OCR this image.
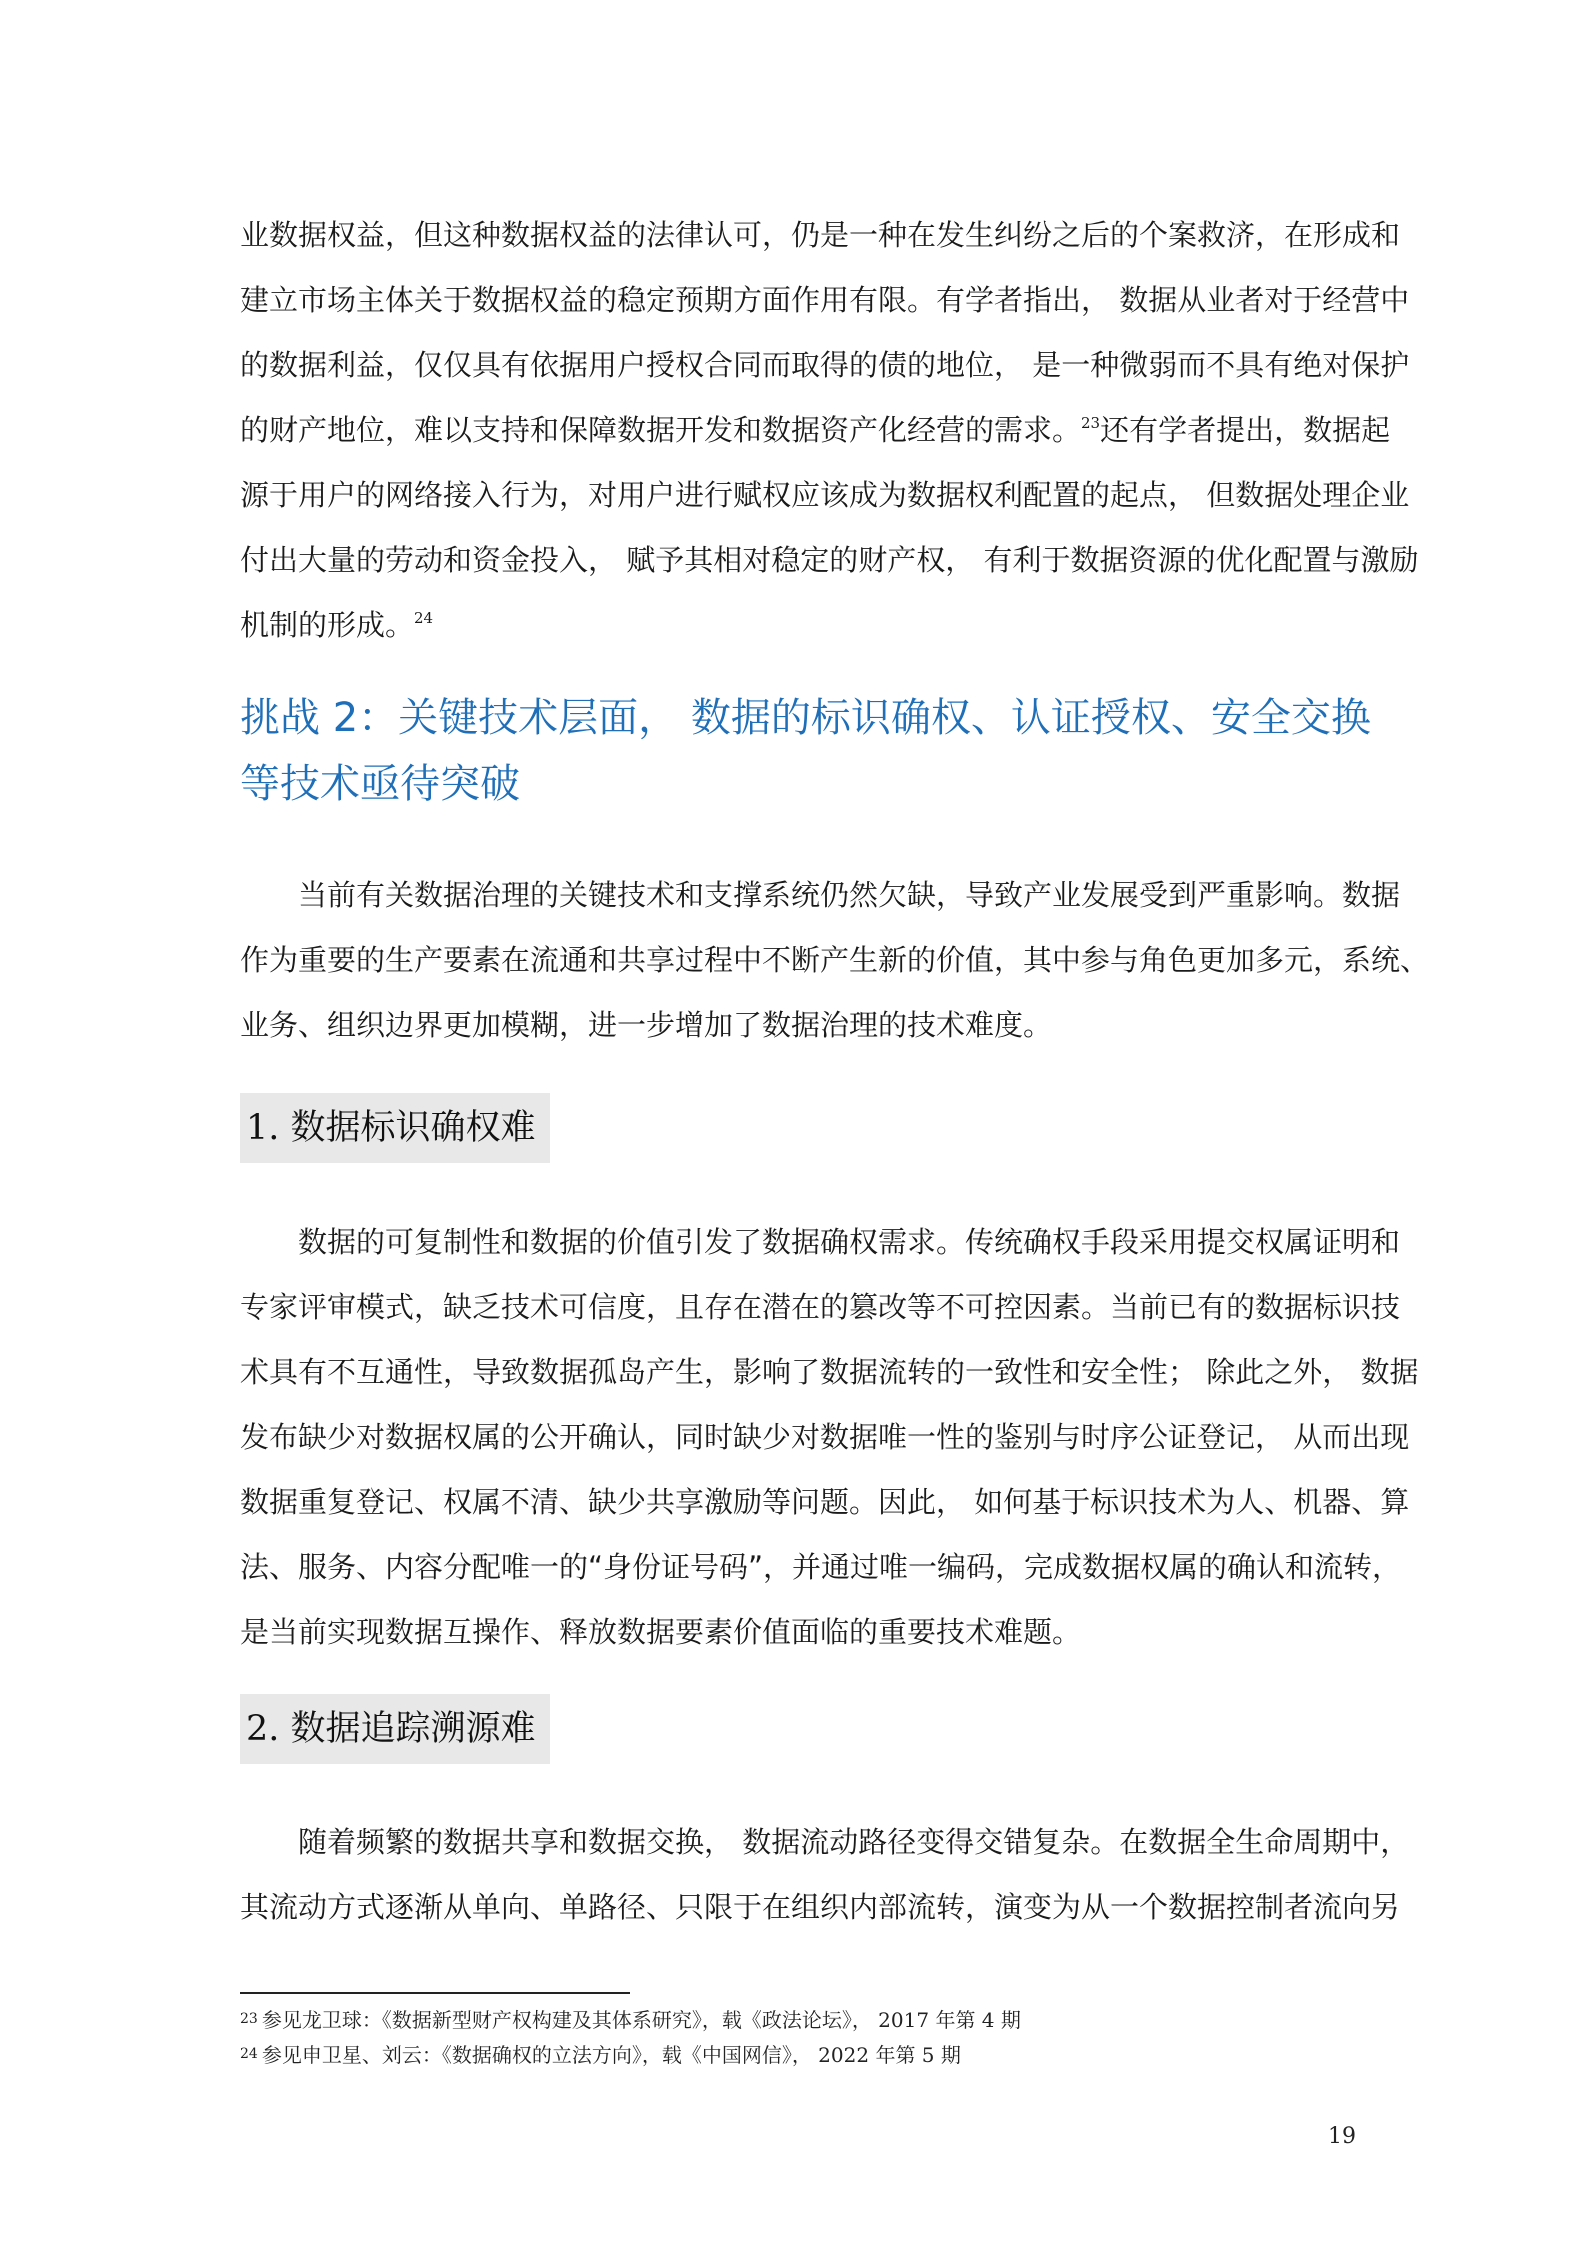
业数据权益，但这种数据权益的法律认可，仍是一种在发生纠纷之后的个案救济，在形成和
建立市场主体关于数据权益的稳定预期方面作用有限。有学者指出， 数据从业者对于经营中
的数据利益，仅仅具有依据用户授权合同而取得的债的地位， 是一种微弱而不具有绝对保护
的财产地位，难以支持和保障数据开发和数据资产化经营的需求。$^{23}$还有学者提出，数据起
源于用户的网络接入行为，对用户进行赋权应该成为数据权利配置的起点， 但数据处理企业
付出大量的劳动和资金投入， 赋予其相对稳定的财产权， 有利于数据资源的优化配置与激励
机制的形成。$^{24}$
挑战 2：关键技术层面， 数据的标识确权、认证授权、安全交换
等技术亟待突破
当前有关数据治理的关键技术和支撑系统仍然欠缺，导致产业发展受到严重影响。数据
作为重要的生产要素在流通和共享过程中不断产生新的价值，其中参与角色更加多元，系统、
业务、组织边界更加模糊，进一步增加了数据治理的技术难度。
1. 数据标识确权难
数据的可复制性和数据的价值引发了数据确权需求。传统确权手段采用提交权属证明和
专家评审模式，缺乏技术可信度，且存在潜在的篡改等不可控因素。当前已有的数据标识技
术具有不互通性，导致数据孤岛产生，影响了数据流转的一致性和安全性； 除此之外， 数据
发布缺少对数据权属的公开确认，同时缺少对数据唯一性的鉴别与时序公证登记， 从而出现
数据重复登记、权属不清、缺少共享激励等问题。因此， 如何基于标识技术为人、机器、算
法、服务、内容分配唯一的“身份证号码”，并通过唯一编码，完成数据权属的确认和流转，
是当前实现数据互操作、释放数据要素价值面临的重要技术难题。
2. 数据追踪溯源难
随着频繁的数据共享和数据交换， 数据流动路径变得交错复杂。在数据全生命周期中，
其流动方式逐渐从单向、单路径、只限于在组织内部流转，演变为从一个数据控制者流向另
$^{23}$ 参见龙卫球：《数据新型财产权构建及其体系研究》，载《政法论坛》， 2017 年第 4 期
$^{24}$ 参见申卫星、刘云：《数据确权的立法方向》，载《中国网信》， 2022 年第 5 期
19
